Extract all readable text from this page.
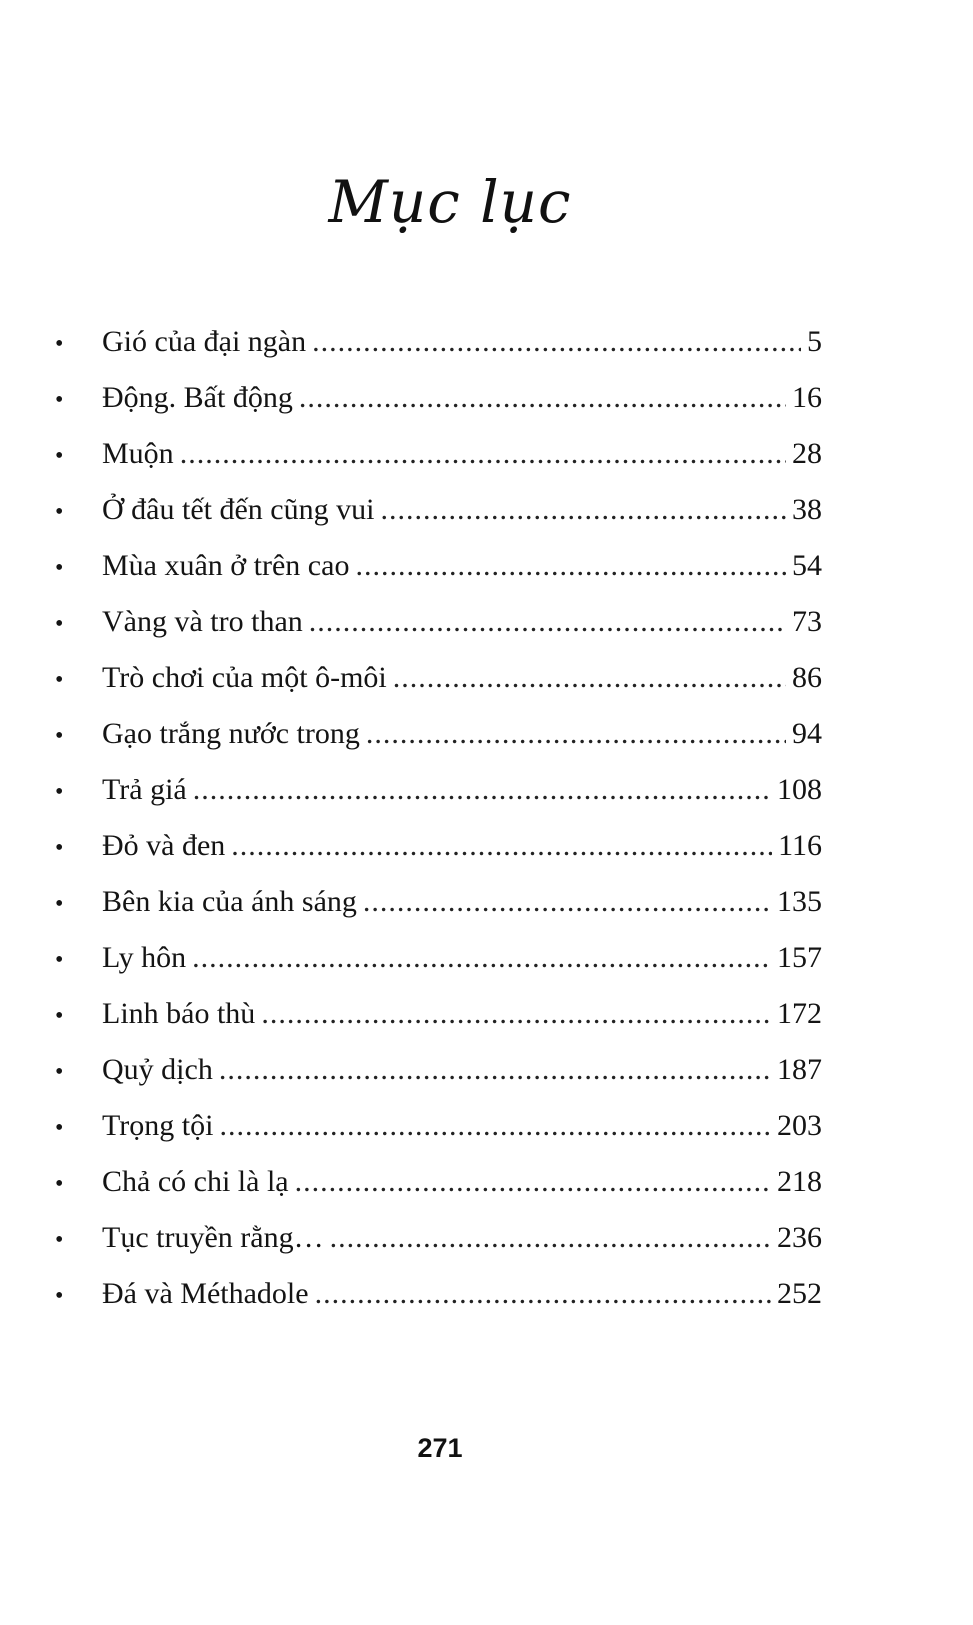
Mục lục
•	Gió của đại ngàn .....	5
•	Động. Bất động .....	16
•	Muộn .....	28
•	Ở đâu tết đến cũng vui .....	38
•	Mùa xuân ở trên cao .....	54
•	Vàng và tro than .....	73
•	Trò chơi của một ô-môi .....	86
•	Gạo trắng nước trong .....	94
•	Trả giá .....	108
•	Đỏ và đen .....	116
•	Bên kia của ánh sáng .....	135
•	Ly hôn .....	157
•	Linh báo thù .....	172
•	Quỷ dịch .....	187
•	Trọng tội .....	203
•	Chả có chi là lạ .....	218
•	Tục truyền rằng… .....	236
•	Đá và Méthadole .....	252
271
